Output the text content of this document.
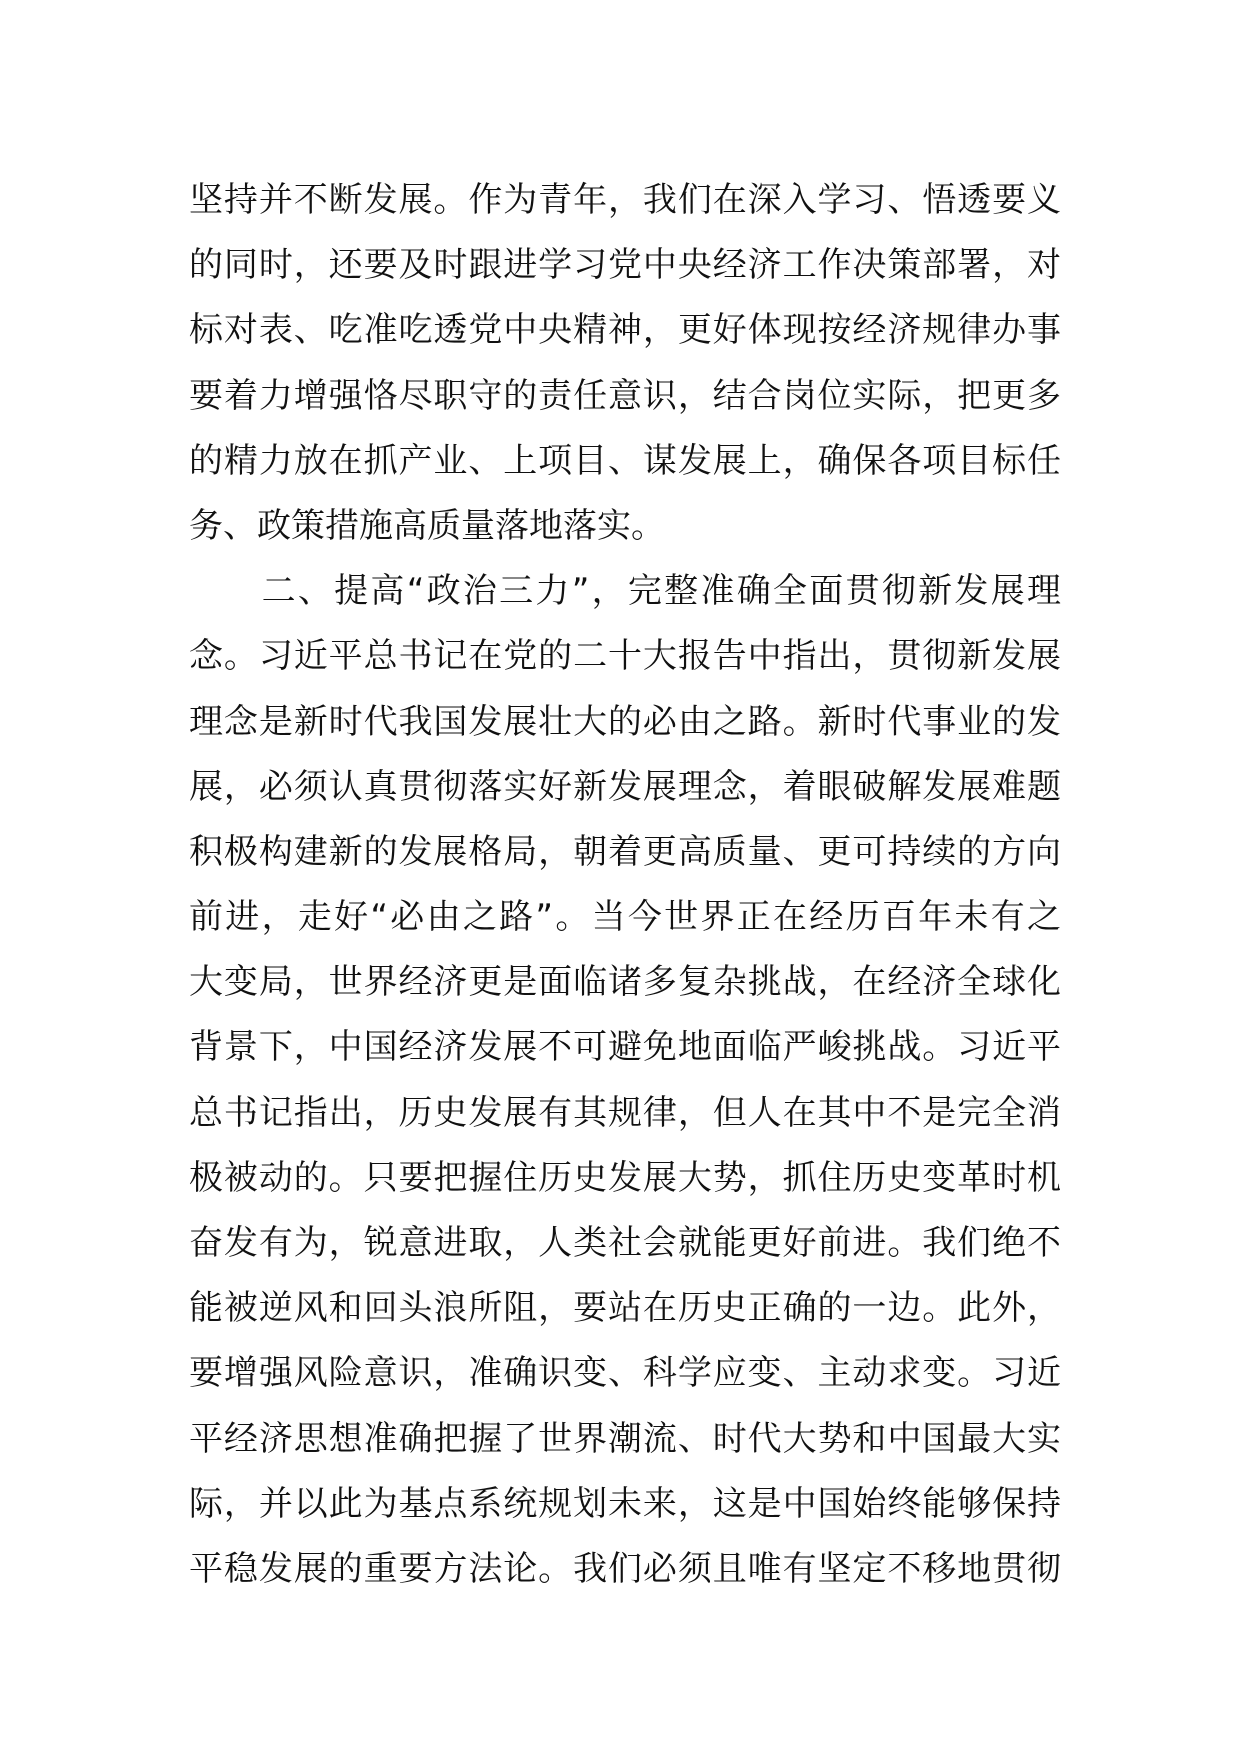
坚持并不断发展。作为青年，我们在深入学习、悟透要义
的同时，还要及时跟进学习党中央经济工作决策部署，对
标对表、吃准吃透党中央精神，更好体现按经济规律办事
要着力增强恪尽职守的责任意识，结合岗位实际，把更多
的精力放在抓产业、上项目、谋发展上，确保各项目标任
务、政策措施高质量落地落实。
　　二、提高“政治三力”，完整准确全面贯彻新发展理
念。习近平总书记在党的二十大报告中指出，贯彻新发展
理念是新时代我国发展壮大的必由之路。新时代事业的发
展，必须认真贯彻落实好新发展理念，着眼破解发展难题
积极构建新的发展格局，朝着更高质量、更可持续的方向
前进，走好“必由之路”。当今世界正在经历百年未有之
大变局，世界经济更是面临诸多复杂挑战，在经济全球化
背景下，中国经济发展不可避免地面临严峻挑战。习近平
总书记指出，历史发展有其规律，但人在其中不是完全消
极被动的。只要把握住历史发展大势，抓住历史变革时机
奋发有为，锐意进取，人类社会就能更好前进。我们绝不
能被逆风和回头浪所阻，要站在历史正确的一边。此外，
要增强风险意识，准确识变、科学应变、主动求变。习近
平经济思想准确把握了世界潮流、时代大势和中国最大实
际，并以此为基点系统规划未来，这是中国始终能够保持
平稳发展的重要方法论。我们必须且唯有坚定不移地贯彻
